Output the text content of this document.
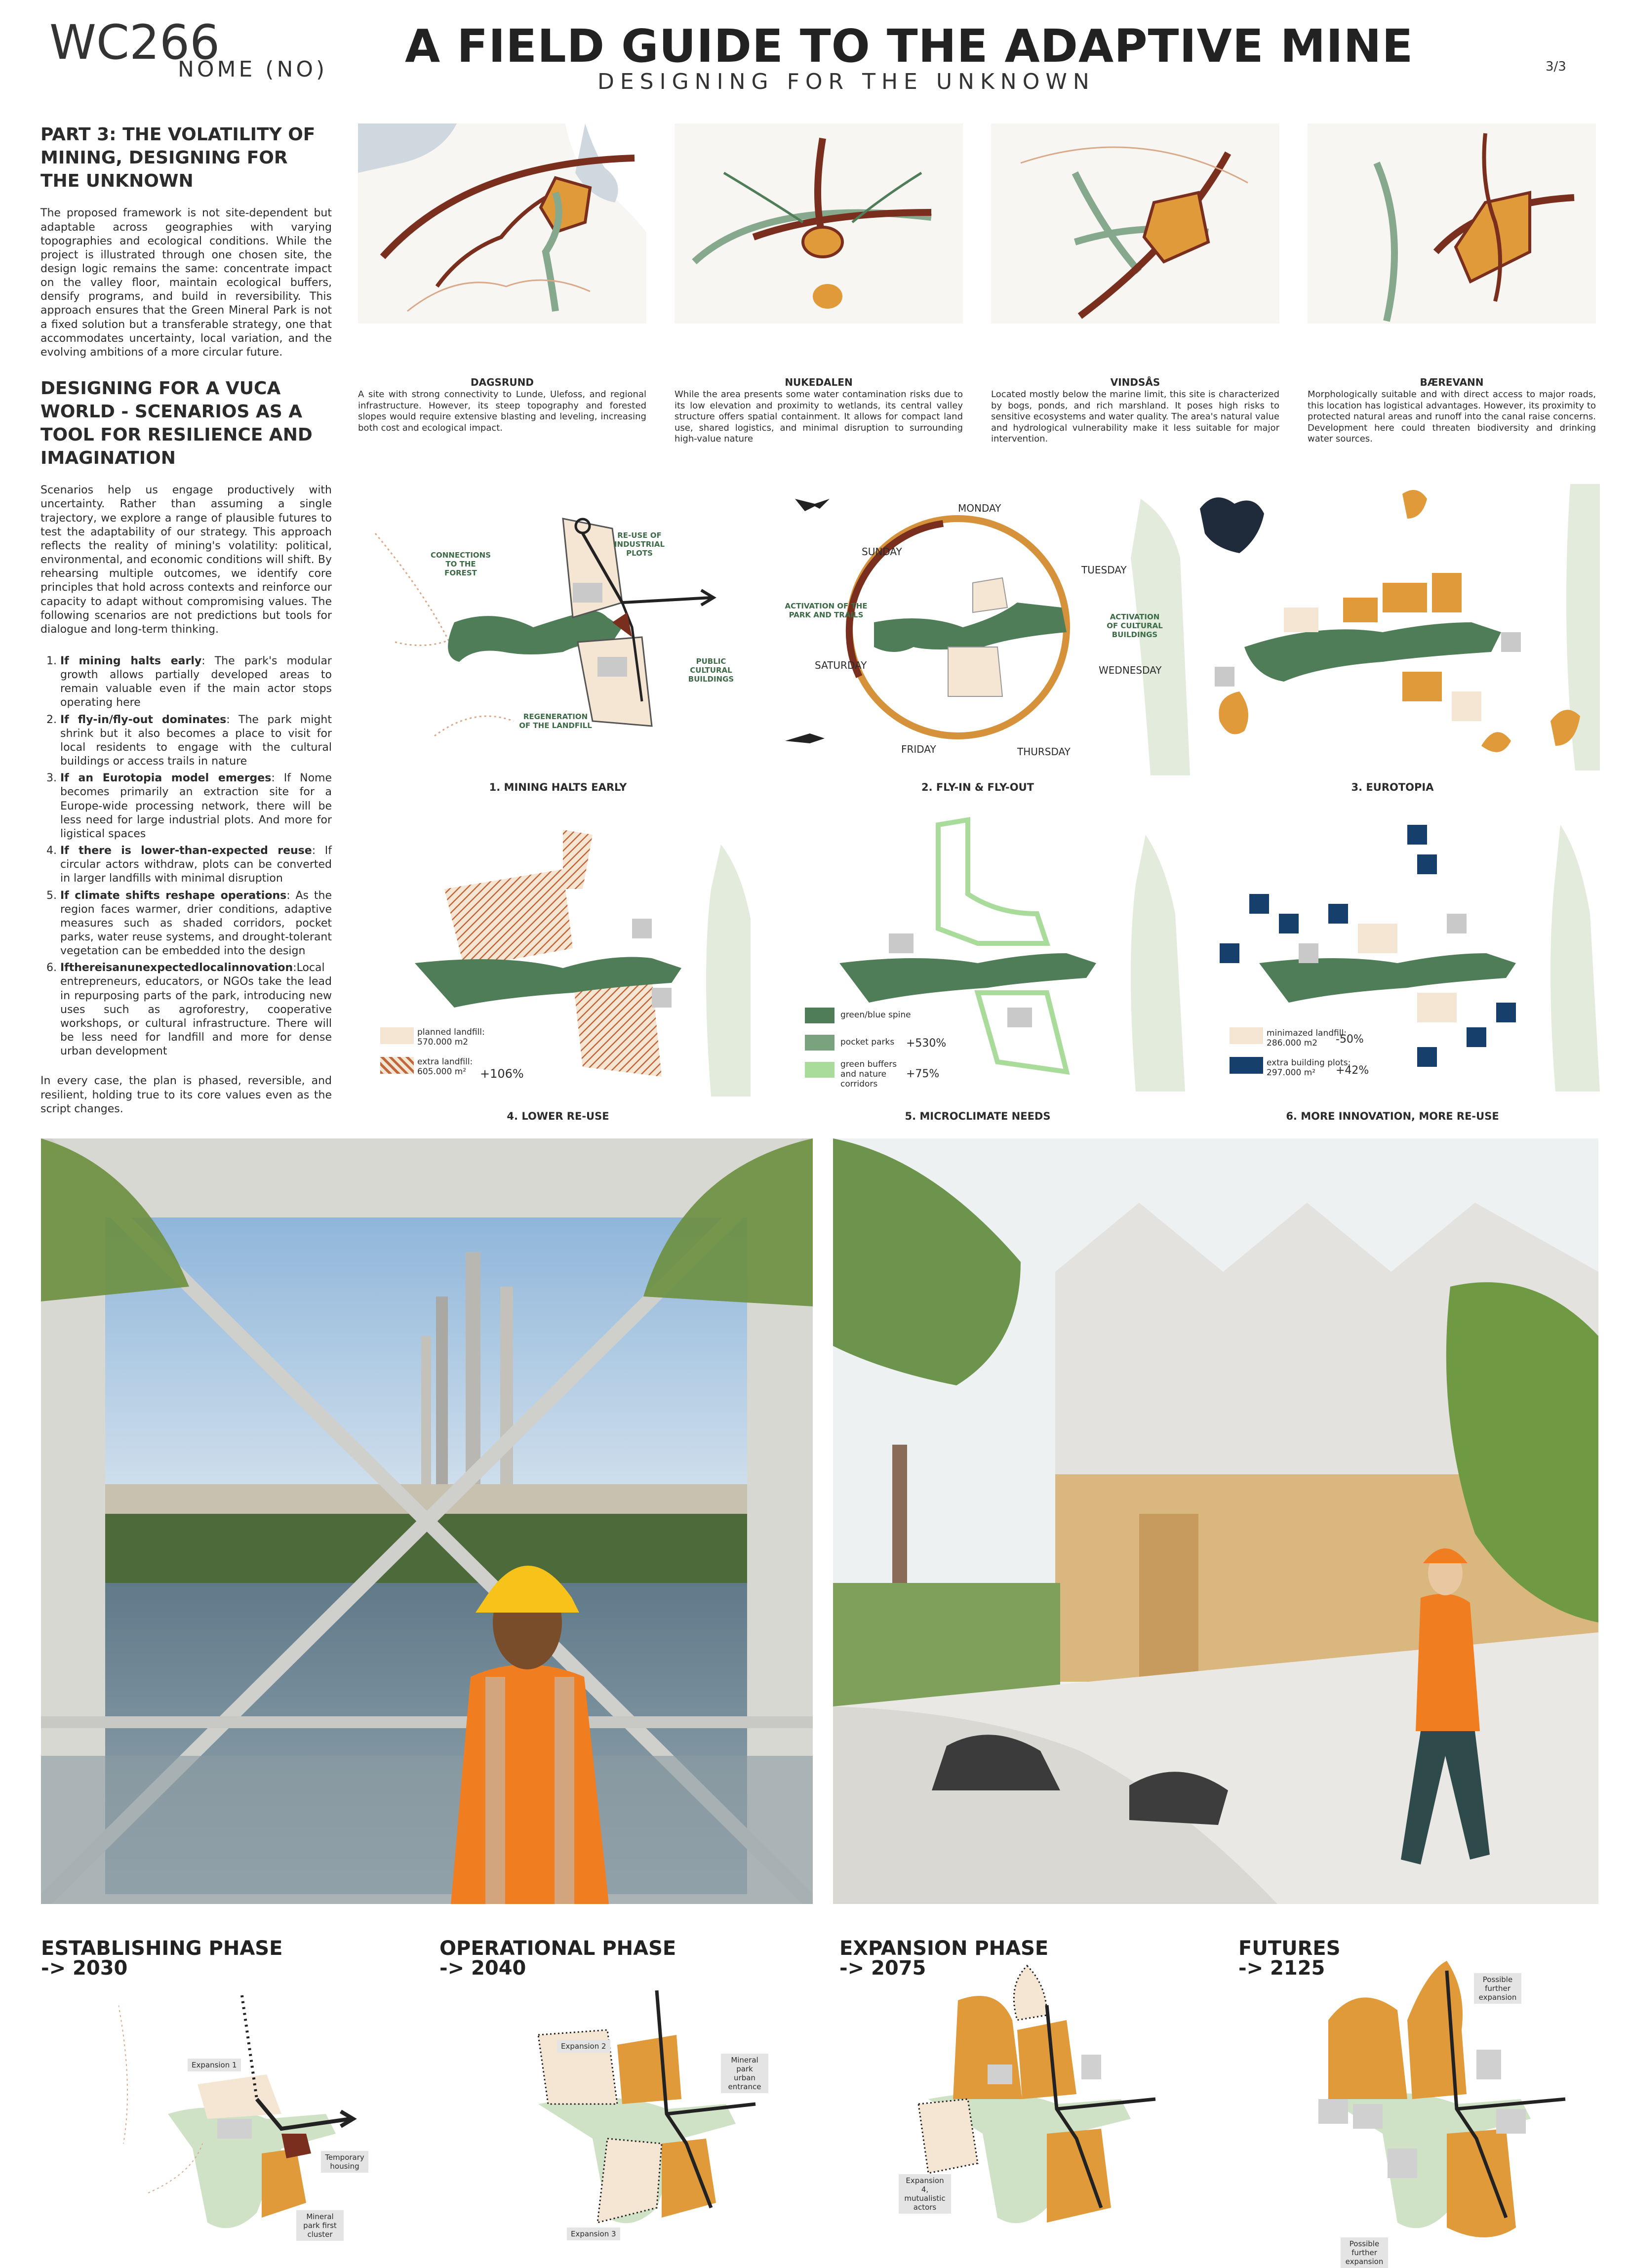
WC266
NOME (NO) A FIELD GUIDE TO THE ADAPTIVE MINE
DESIGNING FOR THE UNKNOWN
3/3
PART 3: THE VOLATILITY OF MINING, DESIGNING FOR THE UNKNOWN
The proposed framework is not site-dependent but adaptable across geographies with varying topographies and ecological conditions. While the project is illustrated through one chosen site, the design logic remains the same: concentrate impact on the valley floor, maintain ecological buffers, densify programs, and build in reversibility. This approach ensures that the Green Mineral Park is not a fixed solution but a transferable strategy, one that accommodates uncertainty, local variation, and the evolving ambitions of a more circular future.
DESIGNING FOR A VUCA WORLD - SCENARIOS AS A TOOL FOR RESILIENCE AND IMAGINATION
Scenarios help us engage productively with uncertainty. Rather than assuming a single trajectory, we explore a range of plausible futures to test the adaptability of our strategy. This approach reflects the reality of mining's volatility: political, environmental, and economic conditions will shift. By rehearsing multiple outcomes, we identify core principles that hold across contexts and reinforce our capacity to adapt without compromising values. The following scenarios are not predictions but tools for dialogue and long-term thinking.
1. If mining halts early: The park's modular growth allows partially developed areas to remain valuable even if the main actor stops operating here
2. If fly-in/fly-out dominates: The park might shrink but it also becomes a place to visit for local residents to engage with the cultural buildings or access trails in nature
3. If an Eurotopia model emerges: If Nome becomes primarily an extraction site for a Europe-wide processing network, there will be less need for large industrial plots. And more for ligistical spaces
4. If there is lower-than-expected reuse: If circular actors withdraw, plots can be converted in larger landfills with minimal disruption
5. If climate shifts reshape operations: As the region faces warmer, drier conditions, adaptive measures such as shaded corridors, pocket parks, water reuse systems, and drought-tolerant vegetation can be embedded into the design
6. Ifthereisanunexpectedlocalinnovation:Local entrepreneurs, educators, or NGOs take the lead in repurposing parts of the park, introducing new uses such as agroforestry, cooperative workshops, or cultural infrastructure. There will be less need for landfill and more for dense urban development
In every case, the plan is phased, reversible, and resilient, holding true to its core values even as the script changes.
DAGSRUND
A site with strong connectivity to Lunde, Ulefoss, and regional infrastructure. However, its steep topography and forested slopes would require extensive blasting and leveling, increasing both cost and ecological impact.
NUKEDALEN
While the area presents some water contamination risks due to its low elevation and proximity to wetlands, its central valley structure offers spatial containment. It allows for compact land use, shared logistics, and minimal disruption to surrounding high-value nature
VINDSÅS
Located mostly below the marine limit, this site is characterized by bogs, ponds, and rich marshland. It poses high risks to sensitive ecosystems and water quality. The area's natural value and hydrological vulnerability make it less suitable for major intervention.
BÆREVANN
Morphologically suitable and with direct access to major roads, this location has logistical advantages. However, its proximity to protected natural areas and runoff into the canal raise concerns. Development here could threaten biodiversity and drinking water sources.
CONNECTIONS TO THE FOREST
RE-USE OF INDUSTRIAL PLOTS
PUBLIC CULTURAL BUILDINGS
REGENERATION OF THE LANDFILL
1. MINING HALTS EARLY
MONDAY
TUESDAY
WEDNESDAY
THURSDAY
FRIDAY
SATURDAY
SUNDAY
ACTIVATION OF THE PARK AND TRAILS	ACTIVATION OF CULTURAL BUILDINGS
2. FLY-IN & FLY-OUT	3. EUROTOPIA
planned landfill: 570.000 m2
extra landfill: 605.000 m²	+106%
4. LOWER RE-USE
green/blue spine
pocket parks +530%
green buffers and nature corridors
+75%
5. MICROCLIMATE NEEDS
minimazed landfill: 286.000 m2	-50%
extra building plots: 297.000 m²	+42%
6. MORE INNOVATION, MORE RE-USE
ESTABLISHING PHASE
-> 2030
OPERATIONAL PHASE
-> 2040
EXPANSION PHASE
-> 2075
FUTURES
-> 2125
Expansion 1
Temporary housing
Mineral park first cluster
Expansion 2
Mineral park urban entrance
Expansion 3
Expansion 4, mutualistic actors
Possible further expansion
Possible further expansion
